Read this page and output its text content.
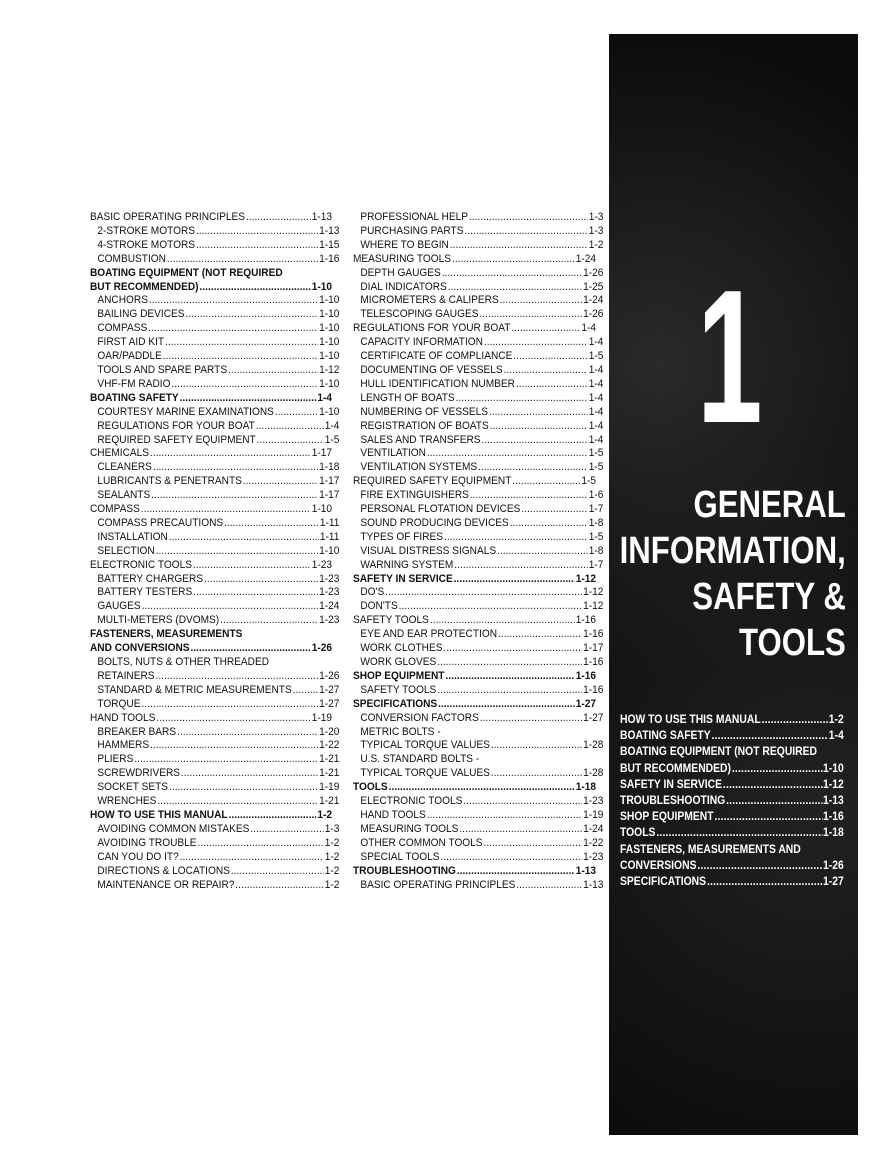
BASIC OPERATING PRINCIPLES . . .	1-13
2-STROKE MOTORS . . .	1-13
4-STROKE MOTORS . . .	1-15
COMBUSTION . . .	1-16
BOATING EQUIPMENT (NOT REQUIRED
BUT RECOMMENDED) . . .	1-10
ANCHORS . . .	1-10
BAILING DEVICES . . .	1-10
COMPASS . . .	1-10
FIRST AID KIT . . .	1-10
OAR/PADDLE . . .	1-10
TOOLS AND SPARE PARTS . . .	1-12
VHF-FM RADIO . . .	1-10
BOATING SAFETY . . .	1-4
COURTESY MARINE EXAMINATIONS . . .	1-10
REGULATIONS FOR YOUR BOAT . . .	1-4
REQUIRED SAFETY EQUIPMENT . . .	1-5
CHEMICALS . . .	1-17
CLEANERS . . .	1-18
LUBRICANTS & PENETRANTS . . .	1-17
SEALANTS . . .	1-17
COMPASS . . .	1-10
COMPASS PRECAUTIONS . . .	1-11
INSTALLATION . . .	1-11
SELECTION . . .	1-10
ELECTRONIC TOOLS . . .	1-23
BATTERY CHARGERS . . .	1-23
BATTERY TESTERS . . .	1-23
GAUGES . . .	1-24
MULTI-METERS (DVOMS) . . .	1-23
FASTENERS, MEASUREMENTS
AND CONVERSIONS . . .	1-26
BOLTS, NUTS & OTHER THREADED
RETAINERS . . .	1-26
STANDARD & METRIC MEASUREMENTS . . . 1-27
TORQUE . . .	1-27
HAND TOOLS . . .	1-19
BREAKER BARS . . .	1-20
HAMMERS . . .	1-22
PLIERS . . .	1-21
SCREWDRIVERS . . .	1-21
SOCKET SETS . . .	1-19
WRENCHES . . .	1-21
HOW TO USE THIS MANUAL . . .	1-2
AVOIDING COMMON MISTAKES . . .	1-3
AVOIDING TROUBLE . . .	1-2
CAN YOU DO IT? . . .	1-2
DIRECTIONS & LOCATIONS . . .	1-2
MAINTENANCE OR REPAIR? . . .	1-2
PROFESSIONAL HELP . . .	1-3
PURCHASING PARTS . . .	1-3
WHERE TO BEGIN . . .	1-2
MEASURING TOOLS . . .	1-24
DEPTH GAUGES . . .	1-26
DIAL INDICATORS . . .	1-25
MICROMETERS & CALIPERS . . .	1-24
TELESCOPING GAUGES . . .	1-26
REGULATIONS FOR YOUR BOAT . . .	1-4
CAPACITY INFORMATION . . .	1-4
CERTIFICATE OF COMPLIANCE . . .	1-5
DOCUMENTING OF VESSELS . . .	1-4
HULL IDENTIFICATION NUMBER . . .	1-4
LENGTH OF BOATS . . .	1-4
NUMBERING OF VESSELS . . .	1-4
REGISTRATION OF BOATS . . .	1-4
SALES AND TRANSFERS . . .	1-4
VENTILATION . . .	1-5
VENTILATION SYSTEMS . . .	1-5
REQUIRED SAFETY EQUIPMENT . . .	1-5
FIRE EXTINGUISHERS . . .	1-6
PERSONAL FLOTATION DEVICES . . .	1-7
SOUND PRODUCING DEVICES . . .	1-8
TYPES OF FIRES . . .	1-5
VISUAL DISTRESS SIGNALS . . .	1-8
WARNING SYSTEM . . .	1-7
SAFETY IN SERVICE . . .	1-12
DO'S . . .	1-12
DON'TS . . .	1-12
SAFETY TOOLS . . .	1-16
EYE AND EAR PROTECTION . . .	1-16
WORK CLOTHES . . .	1-17
WORK GLOVES . . .	1-16
SHOP EQUIPMENT . . .	1-16
SAFETY TOOLS . . .	1-16
SPECIFICATIONS . . .	1-27
CONVERSION FACTORS . . .	1-27
METRIC BOLTS -
TYPICAL TORQUE VALUES . . .	1-28
U.S. STANDARD BOLTS -
TYPICAL TORQUE VALUES . . .	1-28
TOOLS . . .	1-18
ELECTRONIC TOOLS . . .	1-23
HAND TOOLS . . .	1-19
MEASURING TOOLS . . .	1-24
OTHER COMMON TOOLS . . .	1-22
SPECIAL TOOLS . . .	1-23
TROUBLESHOOTING . . .	1-13
BASIC OPERATING PRINCIPLES . . .	1-13
1
GENERAL
INFORMATION,
SAFETY &
TOOLS
HOW TO USE THIS MANUAL . . .	1-2
BOATING SAFETY . . .	1-4
BOATING EQUIPMENT (NOT REQUIRED
BUT RECOMMENDED) . . .	1-10
SAFETY IN SERVICE . . .	1-12
TROUBLESHOOTING . . .	1-13
SHOP EQUIPMENT . . .	1-16
TOOLS . . .	1-18
FASTENERS, MEASUREMENTS AND
CONVERSIONS . . .	1-26
SPECIFICATIONS . . .	1-27
